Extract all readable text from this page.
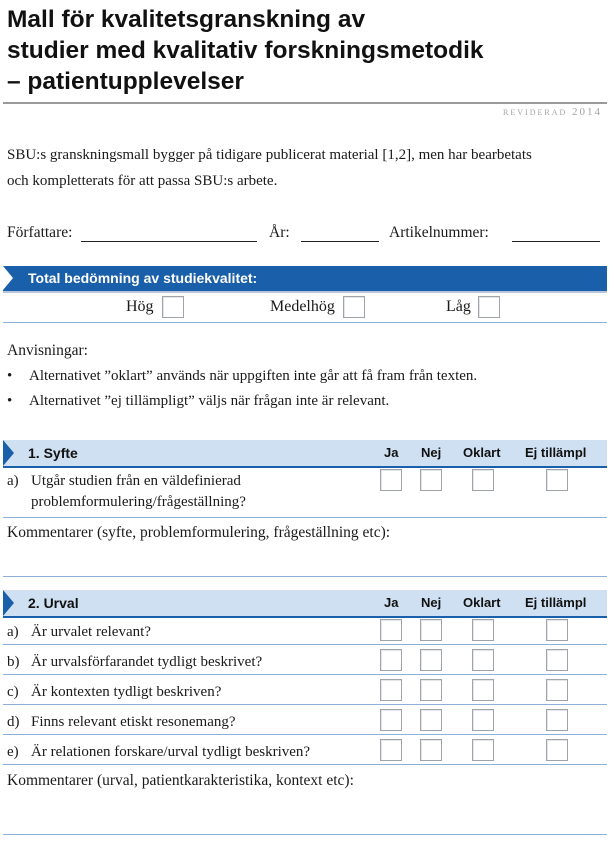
Mall för kvalitetsgranskning av
studier med kvalitativ forskningsmetodik
– patientupplevelser
reviderad 2014
SBU:s granskningsmall bygger på tidigare publicerat material [1,2], men har bearbetats
och kompletterats för att passa SBU:s arbete.
Författare:	År:	Artikelnummer:
Total bedömning av studiekvalitet:
Hög	Medelhög	Låg
Anvisningar:
• Alternativet ”oklart” används när uppgiften inte går att få fram från texten.
• Alternativet ”ej tillämpligt” väljs när frågan inte är relevant.
1. Syfte	Ja Nej Oklart Ej tillämpl
a) Utgår studien från en väldefinierad
problemformulering/frågeställning?
Kommentarer (syfte, problemformulering, frågeställning etc):
2. Urval	Ja Nej Oklart Ej tillämpl
a) Är urvalet relevant?
b) Är urvalsförfarandet tydligt beskrivet?
c) Är kontexten tydligt beskriven?
d) Finns relevant etiskt resonemang?
e) Är relationen forskare/urval tydligt beskriven?
Kommentarer (urval, patientkarakteristika, kontext etc):
